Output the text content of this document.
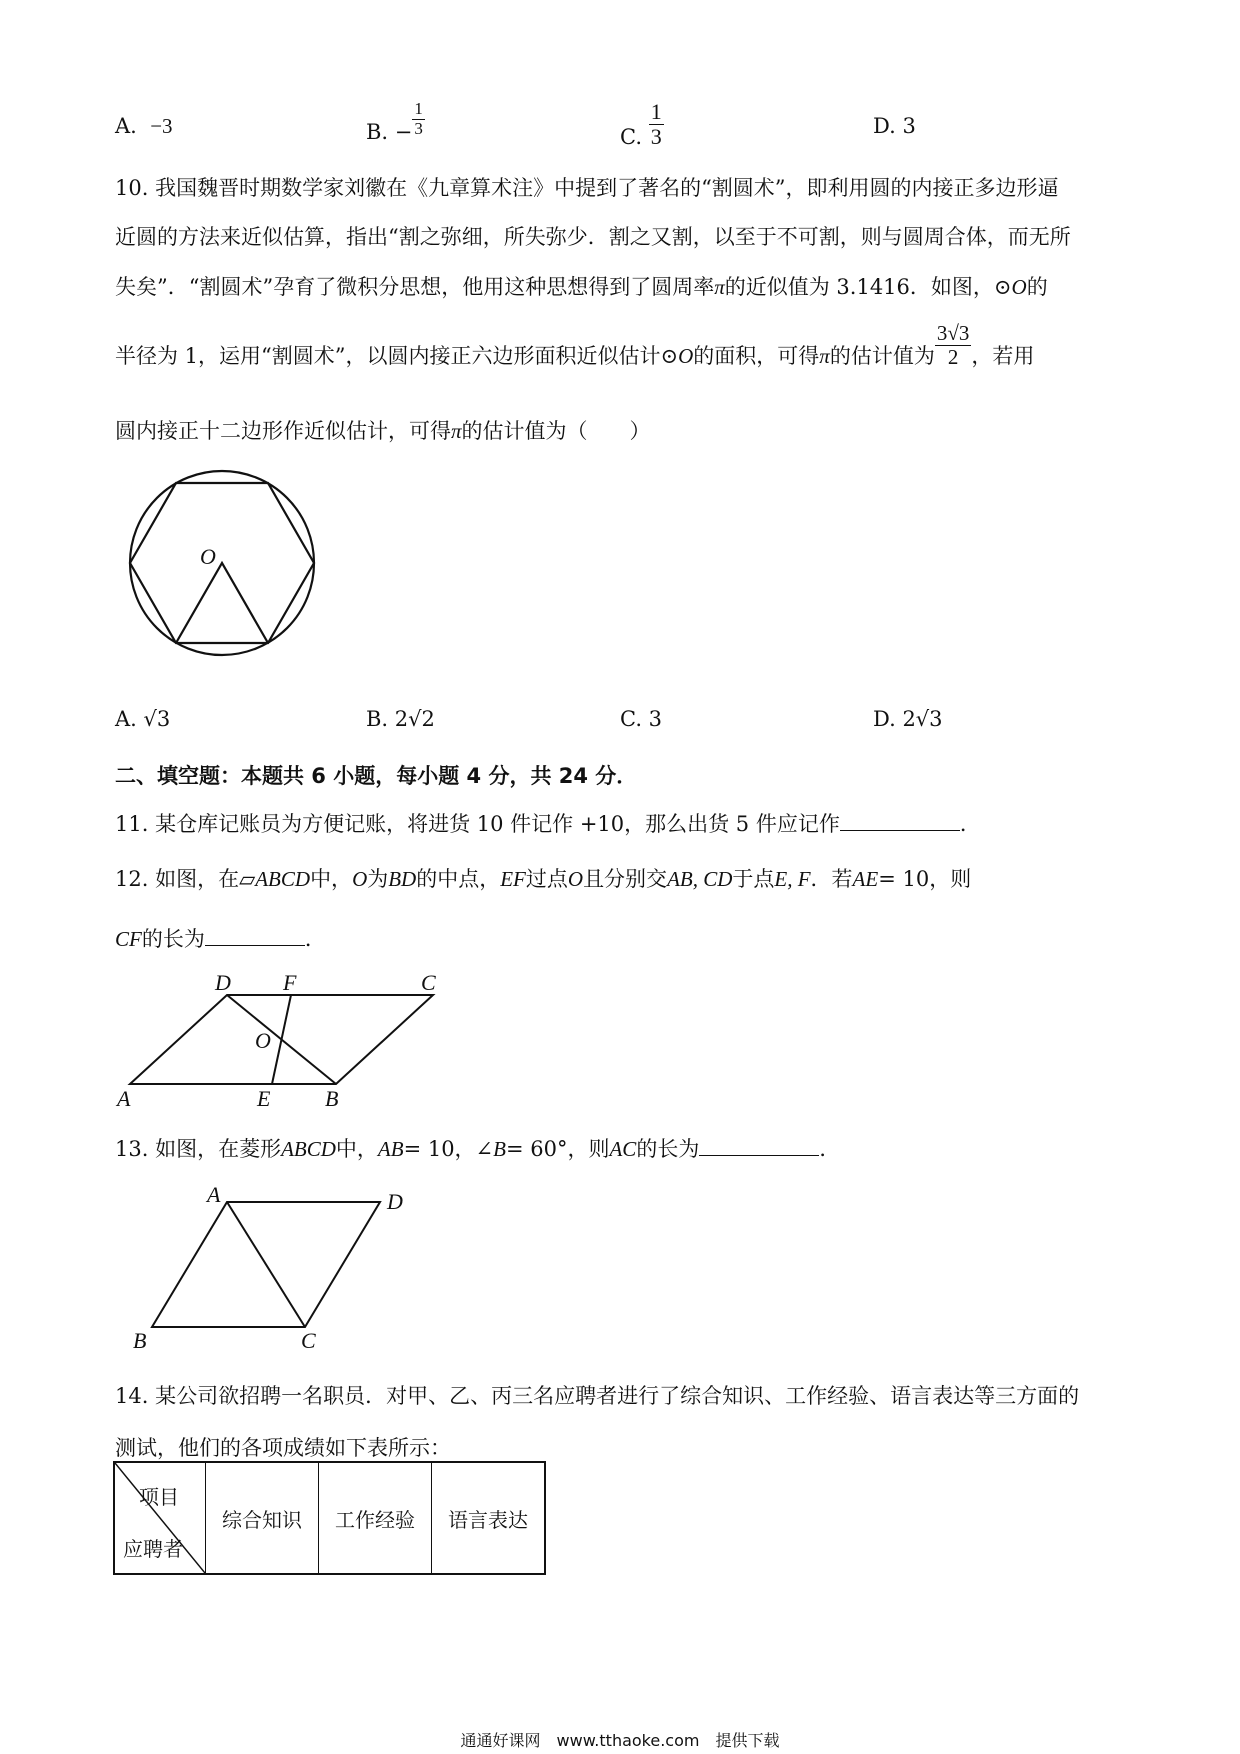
A. −3	B. − $\frac{1}{3}$	C. $\frac{1}{3}$	D. 3
10. 我国魏晋时期数学家刘徽在《九章算术注》中提到了著名的“割圆术”，即利用圆的内接正多边形逼
近圆的方法来近似估算，指出“割之弥细，所失弥少．割之又割，以至于不可割，则与圆周合体，而无所
失矣”．“割圆术”孕育了微积分思想，他用这种思想得到了圆周率π的近似值为 3.1416．如图，⊙O的
半径为 1，运用“割圆术”，以圆内接正六边形面积近似估计⊙O的面积，可得π的估计值为 $\frac{3√3}{2}$ ，若用
圆内接正十二边形作近似估计，可得π的估计值为（　　）
O
A. √3	B. 2√2	C. 3	D. 2√3
二、填空题：本题共 6 小题，每小题 4 分，共 24 分．
11. 某仓库记账员为方便记账，将进货 10 件记作 +10，那么出货 5 件应记作	．
12. 如图，在▱ABCD中，O为BD的中点，EF过点O且分别交AB, CD于点E, F．若AE= 10，则
CF的长为	．
D F	C
O
A	E B
13. 如图，在菱形ABCD中，AB= 10，∠B= 60°，则AC的长为	．
A	D
B	C
14. 某公司欲招聘一名职员．对甲、乙、丙三名应聘者进行了综合知识、工作经验、语言表达等三方面的
测试，他们的各项成绩如下表所示：
项目
应聘者
	综合知识	工作经验	语言表达
通通好课网　www.tthaoke.com　提供下载
